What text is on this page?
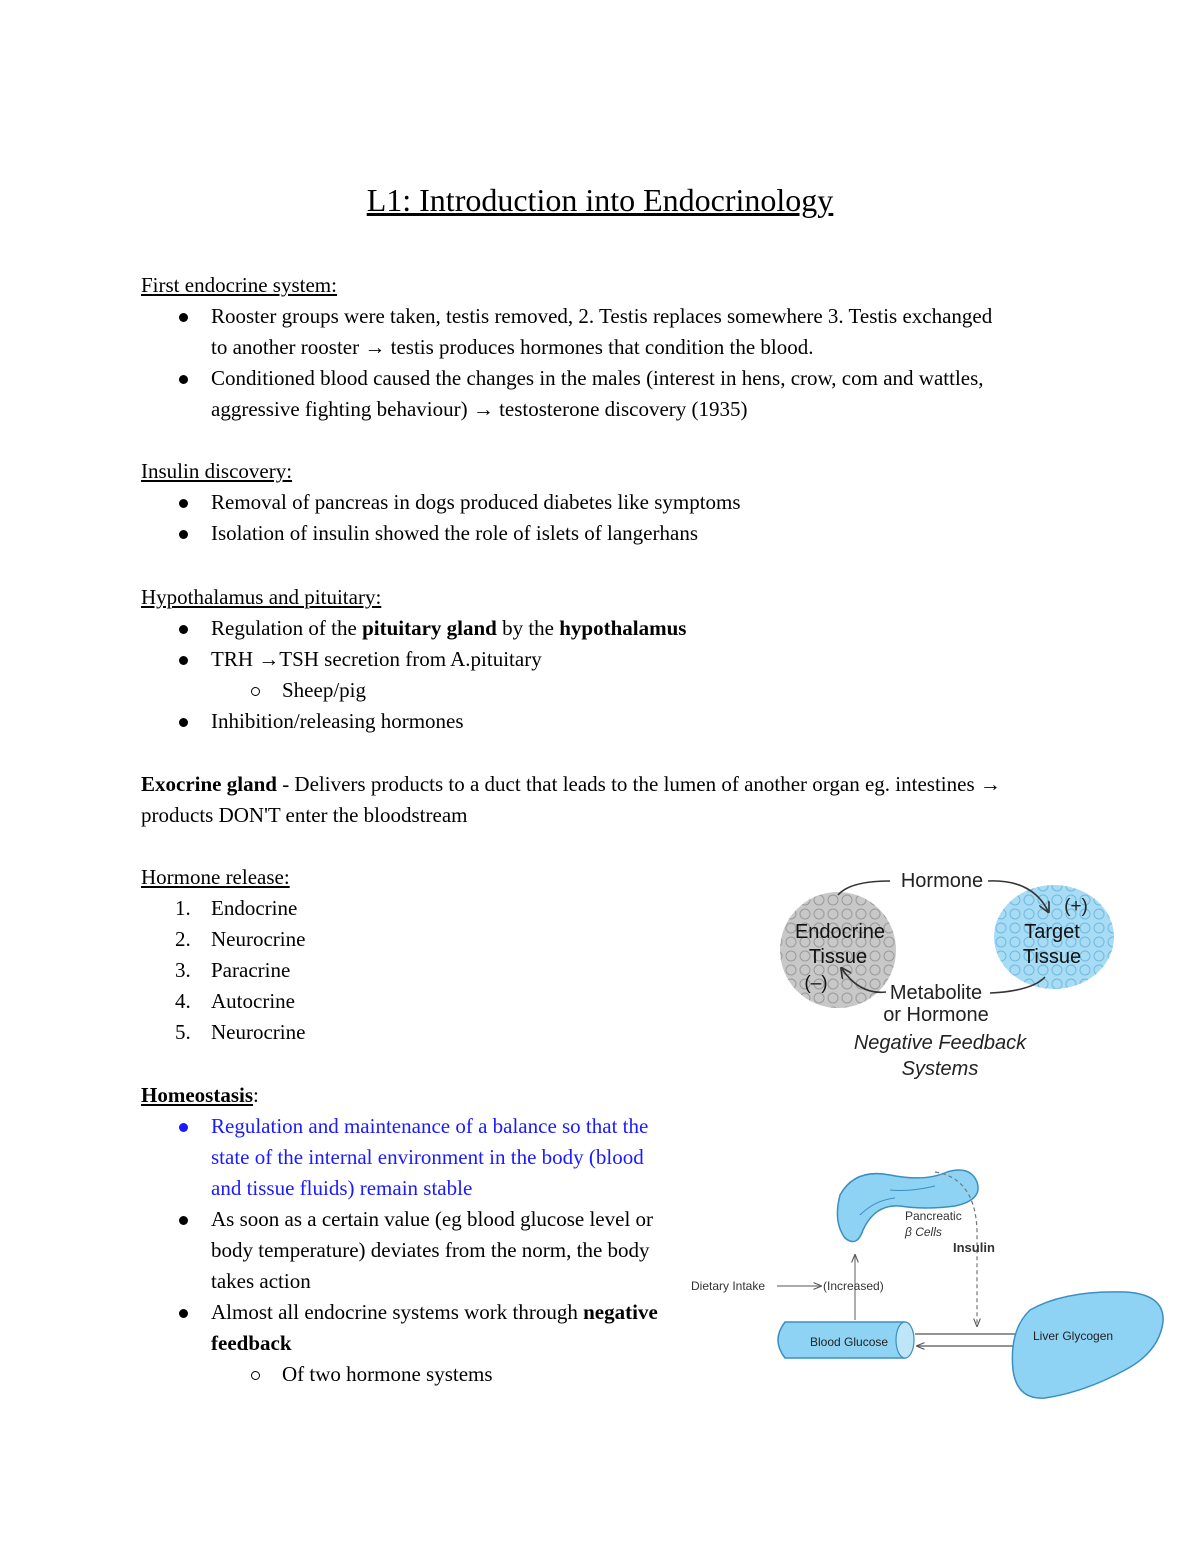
L1: Introduction into Endocrinology
First endocrine system:
Rooster groups were taken, testis removed, 2. Testis replaces somewhere 3. Testis exchanged to another rooster → testis produces hormones that condition the blood.
Conditioned blood caused the changes in the males (interest in hens, crow, com and wattles, aggressive fighting behaviour) → testosterone discovery (1935)
Insulin discovery:
Removal of pancreas in dogs produced diabetes like symptoms
Isolation of insulin showed the role of islets of langerhans
Hypothalamus and pituitary:
Regulation of the pituitary gland by the hypothalamus
TRH →TSH secretion from A.pituitary
Sheep/pig
Inhibition/releasing hormones
Exocrine gland - Delivers products to a duct that leads to the lumen of another organ eg. intestines → products DON'T enter the bloodstream
Hormone release:
1. Endocrine
2. Neurocrine
3. Paracrine
4. Autocrine
5. Neurocrine
Homeostasis:
Regulation and maintenance of a balance so that the state of the internal environment in the body (blood and tissue fluids) remain stable
As soon as a certain value (eg blood glucose level or body temperature) deviates from the norm, the body takes action
Almost all endocrine systems work through negative feedback
Of two hormone systems
Hormone
(+)
Endocrine
Tissue
Target
Tissue
(–)	Metabolite
or Hormone
Negative Feedback
Systems
Pancreatic
β Cells
Insulin
Dietary Intake	(Increased)
Blood Glucose	Liver Glycogen
